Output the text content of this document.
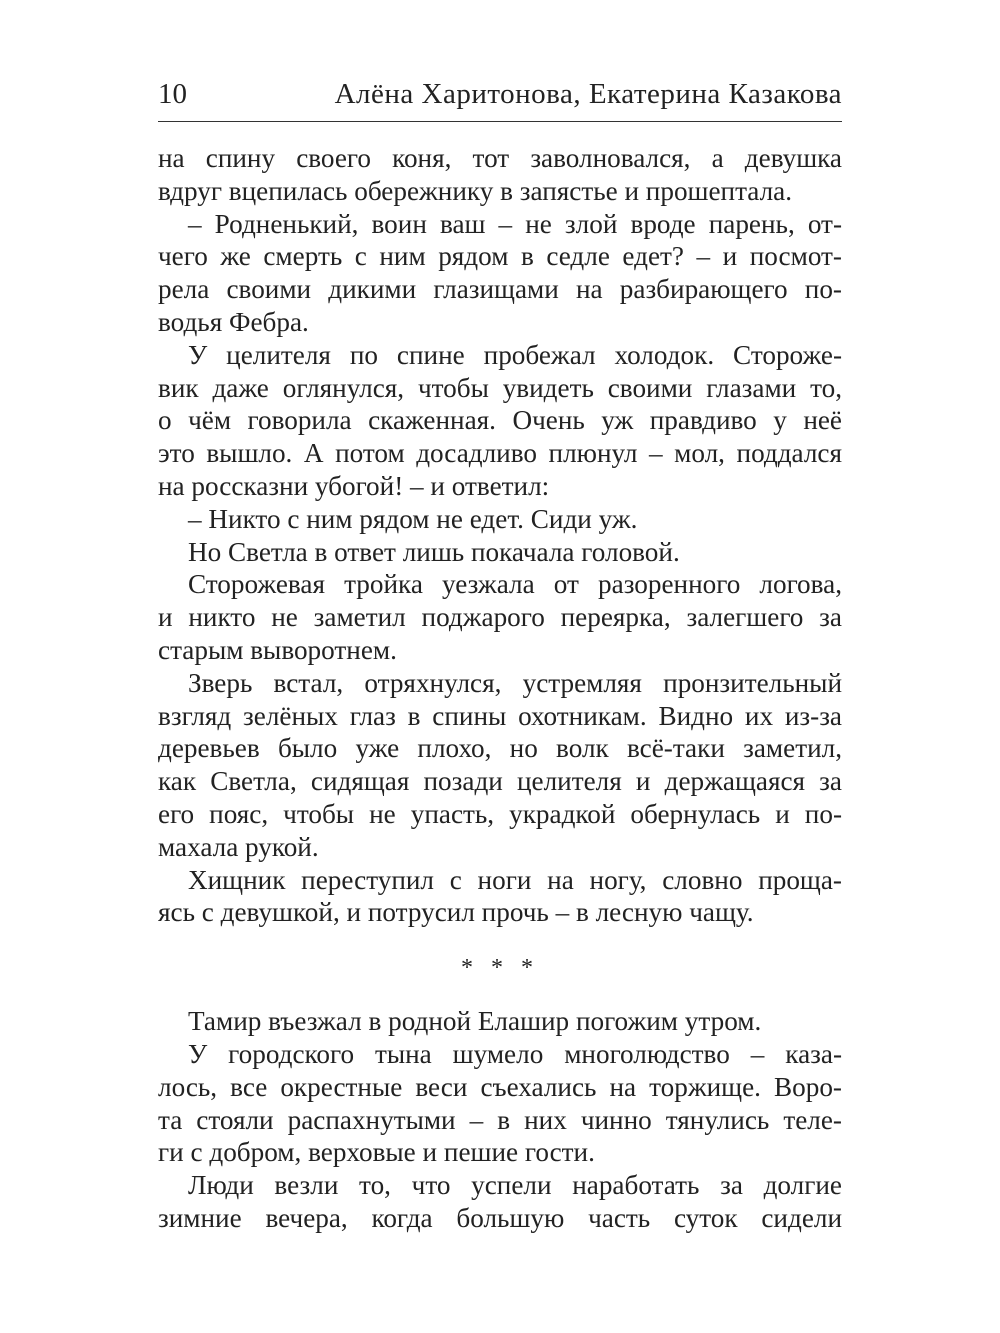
10	Алёна Харитонова, Екатерина Казакова

на спину своего коня, тот заволновался, а девушка
вдруг вцепилась обережнику в запястье и прошептала.

– Родненький, воин ваш – не злой вроде парень, от-
чего же смерть с ним рядом в седле едет? – и посмот-
рела своими дикими глазищами на разбирающего по-
водья Фебра.

У целителя по спине пробежал холодок. Стороже-
вик даже оглянулся, чтобы увидеть своими глазами то,
о чём говорила скаженная. Очень уж правдиво у неё
это вышло. А потом досадливо плюнул – мол, поддался
на россказни убогой! – и ответил:

– Никто с ним рядом не едет. Сиди уж.

Но Светла в ответ лишь покачала головой.

Сторожевая тройка уезжала от разоренного логова,
и никто не заметил поджарого переярка, залегшего за
старым выворотнем.

Зверь встал, отряхнулся, устремляя пронзительный
взгляд зелёных глаз в спины охотникам. Видно их из-за
деревьев было уже плохо, но волк всё-таки заметил,
как Светла, сидящая позади целителя и держащаяся за
его пояс, чтобы не упасть, украдкой обернулась и по-
махала рукой.

Хищник переступил с ноги на ногу, словно проща-
ясь с девушкой, и потрусил прочь – в лесную чащу.

* * *

Тамир въезжал в родной Елашир погожим утром.

У городского тына шумело многолюдство – каза-
лось, все окрестные веси съехались на торжище. Воро-
та стояли распахнутыми – в них чинно тянулись теле-
ги с добром, верховые и пешие гости.

Люди везли то, что успели наработать за долгие
зимние вечера, когда большую часть суток сидели
